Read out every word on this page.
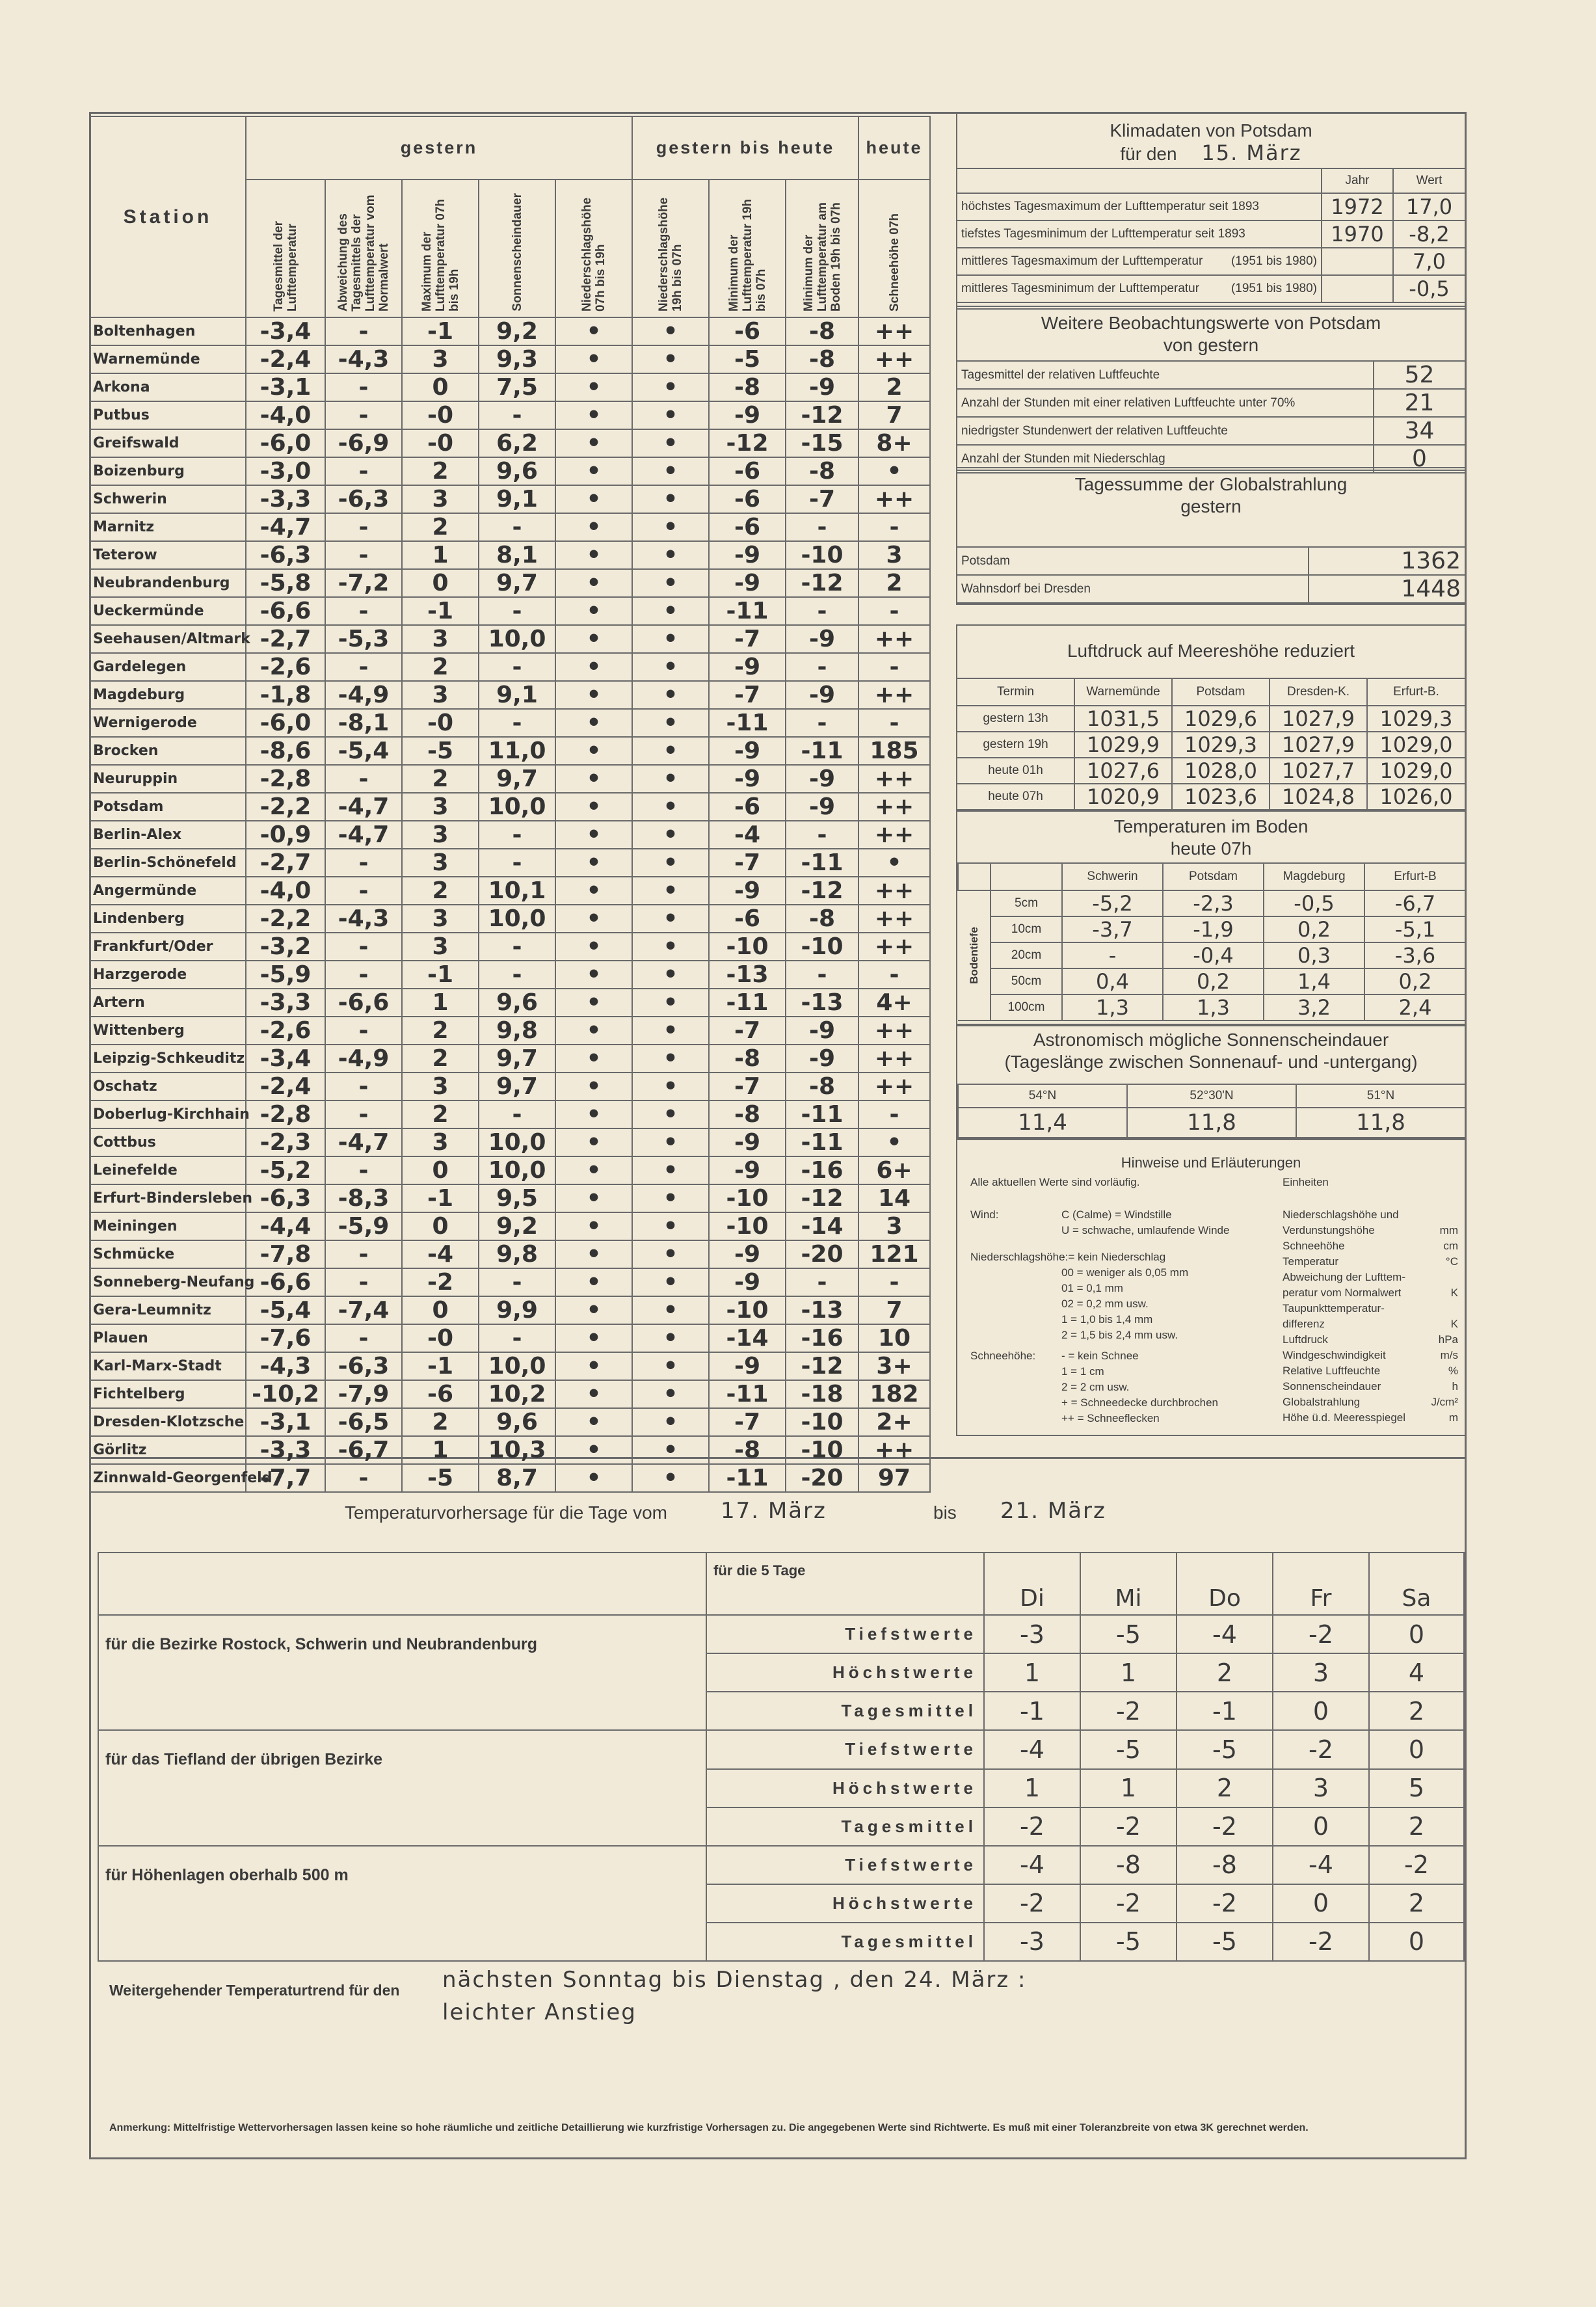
Station	gestern					gestern bis heute			heute

	Tagesmittel der Lufttemperatur	Abweichung des Tagesmittels der Lufttemperatur vom Normalwert	Maximum der Lufttemperatur 07h bis 19h	Sonnenscheindauer	Niederschlagshöhe 07h bis 19h	Niederschlagshöhe 19h bis 07h	Minimum der Lufttemperatur 19h bis 07h	Minimum der Lufttemperatur am Boden 19h bis 07h	Schneehöhe 07h

Boltenhagen	-3,4	-	-1	9,2	•	•	-6	-8	++
Warnemünde	-2,4	-4,3	3	9,3	•	•	-5	-8	++
Arkona	-3,1	-	0	7,5	•	•	-8	-9	2
Putbus	-4,0	-	-0	-	•	•	-9	-12	7
Greifswald	-6,0	-6,9	-0	6,2	•	•	-12	-15	8+
Boizenburg	-3,0	-	2	9,6	•	•	-6	-8	•
Schwerin	-3,3	-6,3	3	9,1	•	•	-6	-7	++
Marnitz	-4,7	-	2	-	•	•	-6	-	-
Teterow	-6,3	-	1	8,1	•	•	-9	-10	3
Neubrandenburg	-5,8	-7,2	0	9,7	•	•	-9	-12	2
Ueckermünde	-6,6	-	-1	-	•	•	-11	-	-
Seehausen/Altmark	-2,7	-5,3	3	10,0	•	•	-7	-9	++
Gardelegen	-2,6	-	2	-	•	•	-9	-	-
Magdeburg	-1,8	-4,9	3	9,1	•	•	-7	-9	++
Wernigerode	-6,0	-8,1	-0	-	•	•	-11	-	-
Brocken	-8,6	-5,4	-5	11,0	•	•	-9	-11	185
Neuruppin	-2,8	-	2	9,7	•	•	-9	-9	++
Potsdam	-2,2	-4,7	3	10,0	•	•	-6	-9	++
Berlin-Alex	-0,9	-4,7	3	-	•	•	-4	-	++
Berlin-Schönefeld	-2,7	-	3	-	•	•	-7	-11	•
Angermünde	-4,0	-	2	10,1	•	•	-9	-12	++
Lindenberg	-2,2	-4,3	3	10,0	•	•	-6	-8	++
Frankfurt/Oder	-3,2	-	3	-	•	•	-10	-10	++
Harzgerode	-5,9	-	-1	-	•	•	-13	-	-
Artern	-3,3	-6,6	1	9,6	•	•	-11	-13	4+
Wittenberg	-2,6	-	2	9,8	•	•	-7	-9	++
Leipzig-Schkeuditz	-3,4	-4,9	2	9,7	•	•	-8	-9	++
Oschatz	-2,4	-	3	9,7	•	•	-7	-8	++
Doberlug-Kirchhain	-2,8	-	2	-	•	•	-8	-11	-
Cottbus	-2,3	-4,7	3	10,0	•	•	-9	-11	•
Leinefelde	-5,2	-	0	10,0	•	•	-9	-16	6+
Erfurt-Bindersleben	-6,3	-8,3	-1	9,5	•	•	-10	-12	14
Meiningen	-4,4	-5,9	0	9,2	•	•	-10	-14	3
Schmücke	-7,8	-	-4	9,8	•	•	-9	-20	121
Sonneberg-Neufang	-6,6	-	-2	-	•	•	-9	-	-
Gera-Leumnitz	-5,4	-7,4	0	9,9	•	•	-10	-13	7
Plauen	-7,6	-	-0	-	•	•	-14	-16	10
Karl-Marx-Stadt	-4,3	-6,3	-1	10,0	•	•	-9	-12	3+
Fichtelberg	-10,2	-7,9	-6	10,2	•	•	-11	-18	182
Dresden-Klotzsche	-3,1	-6,5	2	9,6	•	•	-7	-10	2+
Görlitz	-3,3	-6,7	1	10,3	•	•	-8	-10	++
Zinnwald-Georgenfeld	-7,7	-	-5	8,7	•	•	-11	-20	97
Klimadaten von Potsdam
für den 15. März
	Jahr	Wert
höchstes Tagesmaximum der Lufttemperatur seit 1893	1972	17,0
tiefstes Tagesminimum der Lufttemperatur seit 1893	1970	-8,2
mittleres Tagesmaximum der Lufttemperatur (1951 bis 1980)		7,0
mittleres Tagesminimum der Lufttemperatur (1951 bis 1980)		-0,5
Weitere Beobachtungswerte von Potsdam
von gestern
Tagesmittel der relativen Luftfeuchte	52
Anzahl der Stunden mit einer relativen Luftfeuchte unter 70%	21
niedrigster Stundenwert der relativen Luftfeuchte	34
Anzahl der Stunden mit Niederschlag	0
Tagessumme der Globalstrahlung
gestern
Potsdam	1362
Wahnsdorf bei Dresden	1448
Luftdruck auf Meereshöhe reduziert
Termin	Warnemünde	Potsdam	Dresden-K.	Erfurt-B.
gestern 13h	1031,5	1029,6	1027,9	1029,3
gestern 19h	1029,9	1029,3	1027,9	1029,0
heute 01h	1027,6	1028,0	1027,7	1029,0
heute 07h	1020,9	1023,6	1024,8	1026,0
Temperaturen im Boden
heute 07h
		Schwerin	Potsdam	Magdeburg	Erfurt-B

Bodentiefe	5cm	-5,2	-2,3	-0,5	-6,7
	10cm	-3,7	-1,9	0,2	-5,1
	20cm	-	-0,4	0,3	-3,6
	50cm	0,4	0,2	1,4	0,2
	100cm	1,3	1,3	3,2	2,4
Astronomisch mögliche Sonnenscheindauer
(Tageslänge zwischen Sonnenauf- und -untergang)
54°N	52°30'N	51°N
11,4	11,8	11,8
Hinweise und Erläuterungen
Alle aktuellen Werte sind vorläufig.	Einheiten
Wind:	C (Calme) = Windstille
U = schwache, umlaufende Winde
Niederschlagshöhe:
- = kein Niederschlag
00 = weniger als 0,05 mm
01 = 0,1 mm
02 = 0,2 mm usw.
1 = 1,0 bis 1,4 mm
2 = 1,5 bis 2,4 mm usw.
Schneehöhe: - = kein Schnee
1 = 1 cm
2 = 2 cm usw.
+ = Schneedecke durchbrochen
++ = Schneeflecken
Niederschlagshöhe und
Verdunstungshöhe	mm
Schneehöhe	cm
Temperatur	°C
Abweichung der Lufttem-
peratur vom Normalwert	K
Taupunkttemperatur-
differenz	K
Luftdruck	hPa
Windgeschwindigkeit	m/s
Relative Luftfeuchte	%
Sonnenscheindauer	h
Globalstrahlung	J/cm²
Höhe ü.d. Meeresspiegel	m
Temperaturvorhersage für die Tage vom 17. März	bis 21. März
	für die 5 Tage	Di	Mi	Do	Fr	Sa
für die Bezirke Rostock, Schwerin und Neubrandenburg	Tiefstwerte	-3	-5	-4	-2	0
	Höchstwerte	1	1	2	3	4
	Tagesmittel	-1	-2	-1	0	2
für das Tiefland der übrigen Bezirke	Tiefstwerte	-4	-5	-5	-2	0
	Höchstwerte	1	1	2	3	5
	Tagesmittel	-2	-2	-2	0	2
für Höhenlagen oberhalb 500 m	Tiefstwerte	-4	-8	-8	-4	-2
	Höchstwerte	-2	-2	-2	0	2
	Tagesmittel	-3	-5	-5	-2	0
Weitergehender Temperaturtrend für den nächsten Sonntag bis Dienstag , den 24. März :
leichter Anstieg
Anmerkung: Mittelfristige Wettervorhersagen lassen keine so hohe räumliche und zeitliche Detaillierung wie kurzfristige Vorhersagen zu. Die angegebenen Werte sind Richtwerte. Es muß mit einer Toleranzbreite von etwa 3K gerechnet werden.
